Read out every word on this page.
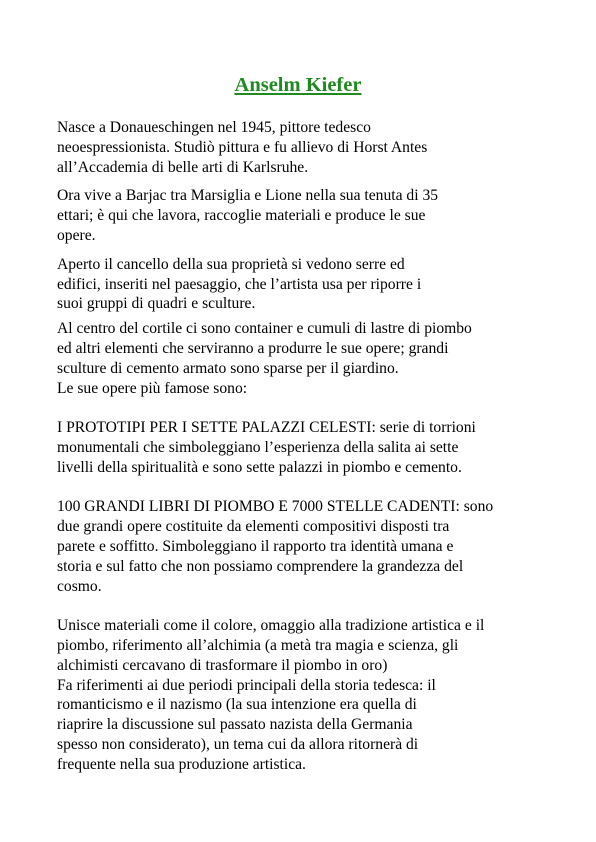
Anselm Kiefer
Nasce a Donaueschingen nel 1945, pittore tedesco
neoespressionista. Studiò pittura e fu allievo di Horst Antes
all’Accademia di belle arti di Karlsruhe.
Ora vive a Barjac tra Marsiglia e Lione nella sua tenuta di 35
ettari; è qui che lavora, raccoglie materiali e produce le sue
opere.
Aperto il cancello della sua proprietà si vedono serre ed
edifici, inseriti nel paesaggio, che l’artista usa per riporre i
suoi gruppi di quadri e sculture.
Al centro del cortile ci sono container e cumuli di lastre di piombo
ed altri elementi che serviranno a produrre le sue opere; grandi
sculture di cemento armato sono sparse per il giardino.
Le sue opere più famose sono:
I PROTOTIPI PER I SETTE PALAZZI CELESTI: serie di torrioni
monumentali che simboleggiano l’esperienza della salita ai sette
livelli della spiritualità e sono sette palazzi in piombo e cemento.
100 GRANDI LIBRI DI PIOMBO E 7000 STELLE CADENTI: sono
due grandi opere costituite da elementi compositivi disposti tra
parete e soffitto. Simboleggiano il rapporto tra identità umana e
storia e sul fatto che non possiamo comprendere la grandezza del
cosmo.
Unisce materiali come il colore, omaggio alla tradizione artistica e il
piombo, riferimento all’alchimia (a metà tra magia e scienza, gli
alchimisti cercavano di trasformare il piombo in oro)
Fa riferimenti ai due periodi principali della storia tedesca: il
romanticismo e il nazismo (la sua intenzione era quella di
riaprire la discussione sul passato nazista della Germania
spesso non considerato), un tema cui da allora ritornerà di
frequente nella sua produzione artistica.
